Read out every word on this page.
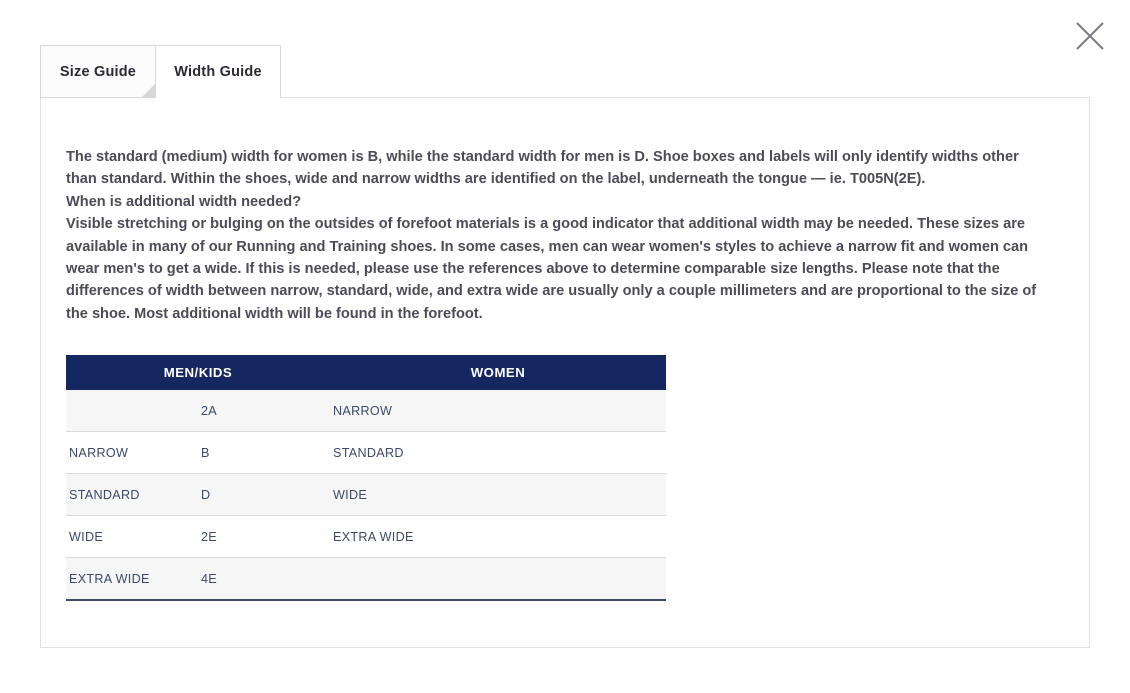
Size Guide	Width Guide

The standard (medium) width for women is B, while the standard width for men is D. Shoe boxes and labels will only identify widths other than standard. Within the shoes, wide and narrow widths are identified on the label, underneath the tongue — ie. T005N(2E).

When is additional width needed?

Visible stretching or bulging on the outsides of forefoot materials is a good indicator that additional width may be needed. These sizes are available in many of our Running and Training shoes. In some cases, men can wear women's styles to achieve a narrow fit and women can wear men's to get a wide. If this is needed, please use the references above to determine comparable size lengths. Please note that the differences of width between narrow, standard, wide, and extra wide are usually only a couple millimeters and are proportional to the size of the shoe. Most additional width will be found in the forefoot.

MEN/KIDS		WOMEN
	2A	NARROW
NARROW	B	STANDARD
STANDARD	D	WIDE
WIDE	2E	EXTRA WIDE
EXTRA WIDE	4E	
